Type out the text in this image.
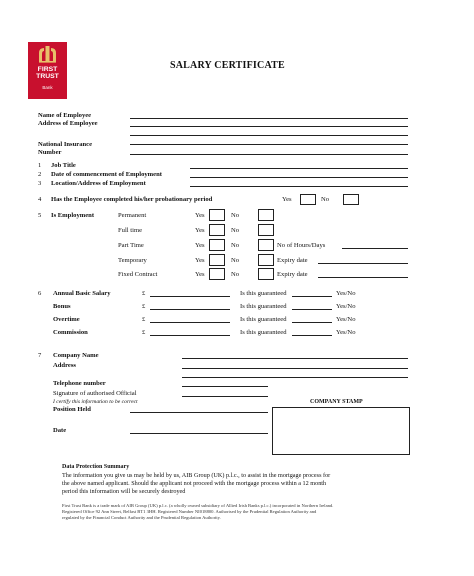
FIRST
TRUST
Bank
SALARY CERTIFICATE
Name of Employee
Address of Employee
National Insurance
Number
1 Job Title
2 Date of commencement of Employment
3 Location/Address of Employment
4 Has the Employee completed his/her probationary period	Yes	No
5 Is Employment	Permanent	Yes	No
Full time	Yes	No
Part Time	Yes	No	No of Hours/Days
Temporary	Yes	No	Expiry date
Fixed Contract	Yes	No	Expiry date
6 Annual Basic Salary	£	Is this guaranteed	Yes/No
Bonus	£	Is this guaranteed	Yes/No
Overtime	£	Is this guaranteed	Yes/No
Commission	£	Is this guaranteed	Yes/No
7 Company Name
Address
Telephone number
Signature of authorised Official
I certify this information to be correct
Position Held
Date
COMPANY STAMP
Data Protection Summary
The information you give us may be held by us, AIB Group (UK) p.l.c., to assist in the mortgage process for
the above named applicant. Should the applicant not proceed with the mortgage process within a 12 month
period this information will be securely destroyed
First Trust Bank is a trade mark of AIB Group (UK) p.l.c. (a wholly owned subsidiary of Allied Irish Banks p.l.c.) incorporated in Northern Ireland.
Registered Office 92 Ann Street, Belfast BT1 3HH. Registered Number NI018800. Authorised by the Prudential Regulation Authority and
regulated by the Financial Conduct Authority and the Prudential Regulation Authority.
